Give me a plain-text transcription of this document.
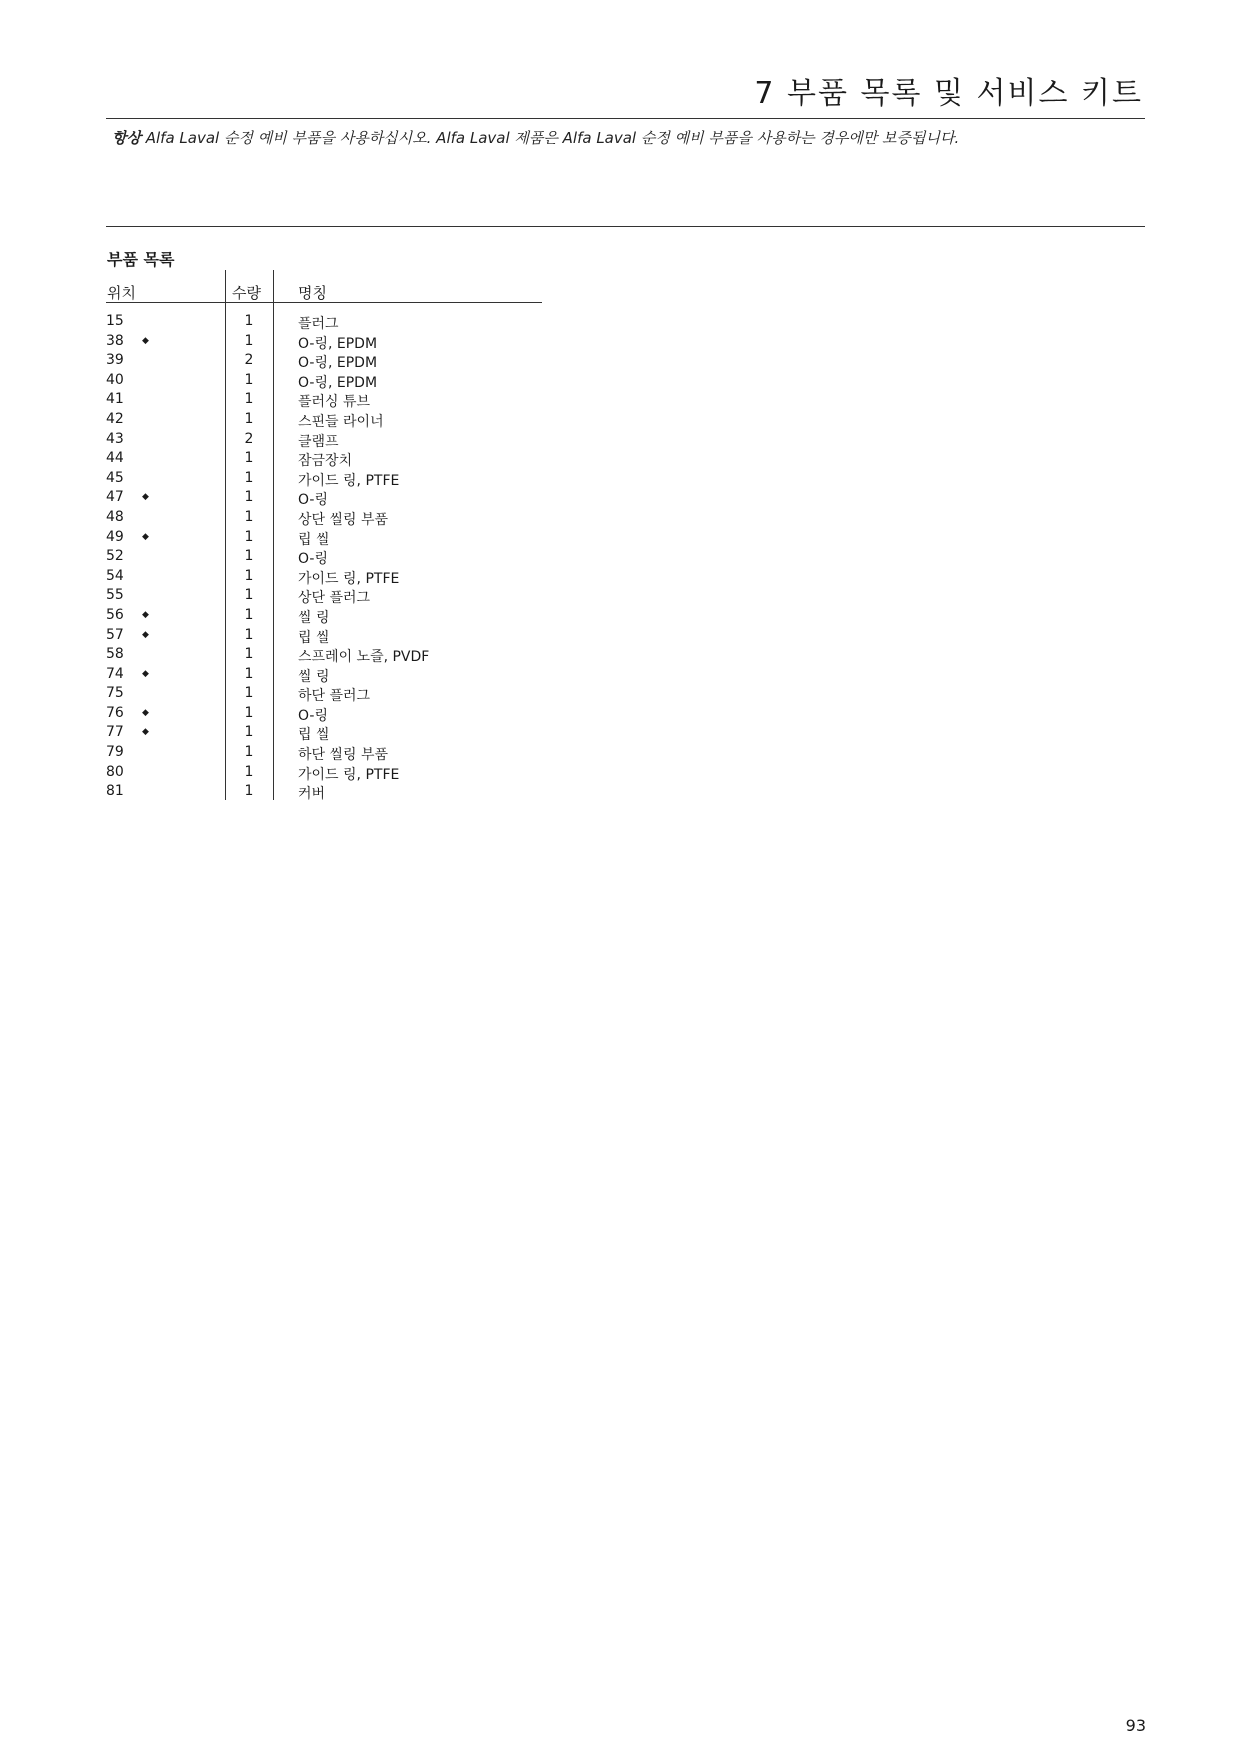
7 부품 목록 및 서비스 키트
항상 Alfa Laval 순정 예비 부품을 사용하십시오. Alfa Laval 제품은 Alfa Laval 순정 예비 부품을 사용하는 경우에만 보증됩니다.
부품 목록
위치	수량 명칭
15	1	플러그
38	◆	1	O-링, EPDM
39	2	O-링, EPDM
40	1	O-링, EPDM
41	1	플러싱 튜브
42	1	스핀들 라이너
43	2	클램프
44	1	잠금장치
45	1	가이드 링, PTFE
47	◆	1	O-링
48	1	상단 씰링 부품
49	◆	1	립 씰
52	1	O-링
54	1	가이드 링, PTFE
55	1	상단 플러그
56	◆	1	씰 링
57	◆	1	립 씰
58	1	스프레이 노즐, PVDF
74	◆	1	씰 링
75	1	하단 플러그
76	◆	1	O-링
77	◆	1	립 씰
79	1	하단 씰링 부품
80	1	가이드 링, PTFE
81	1	커버
93
